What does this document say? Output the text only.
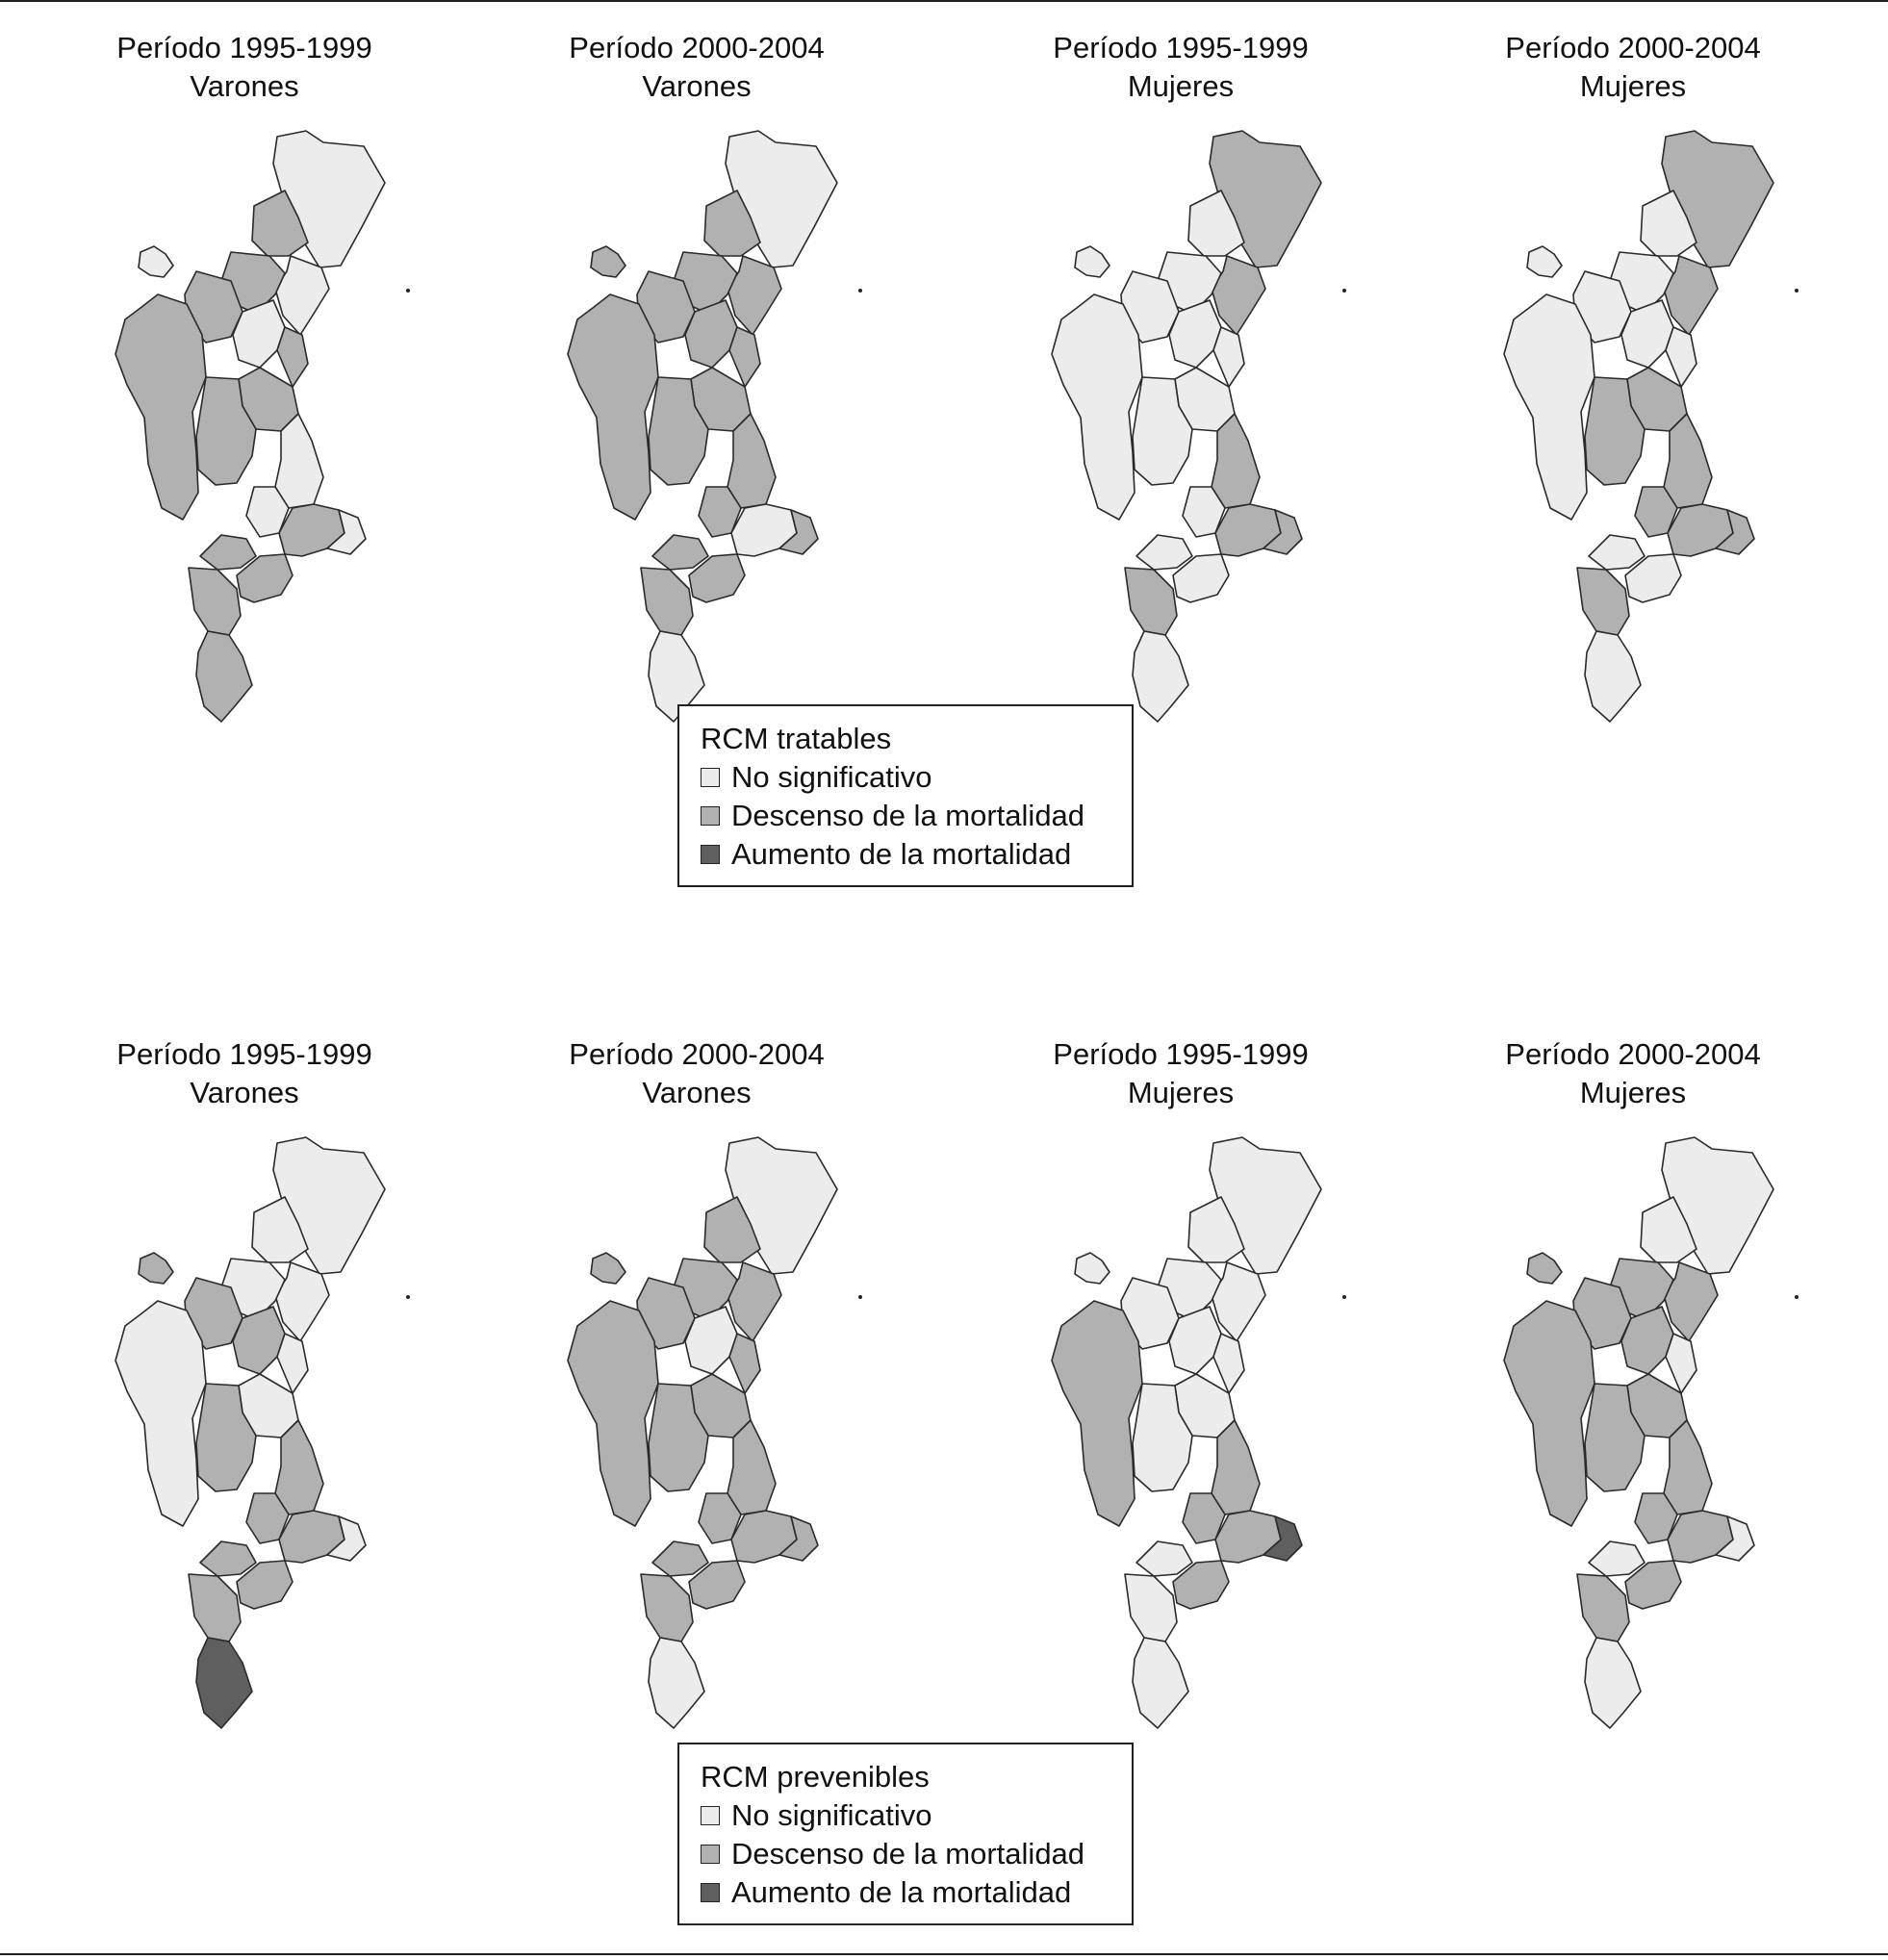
Período 1995-1999
Varones
Período 2000-2004
Varones
Período 1995-1999
Mujeres
Período 2000-2004
Mujeres
RCM tratables
No significativo
Descenso de la mortalidad
Aumento de la mortalidad
Período 1995-1999
Varones
Período 2000-2004
Varones
Período 1995-1999
Mujeres
Período 2000-2004
Mujeres
RCM prevenibles
No significativo
Descenso de la mortalidad
Aumento de la mortalidad
